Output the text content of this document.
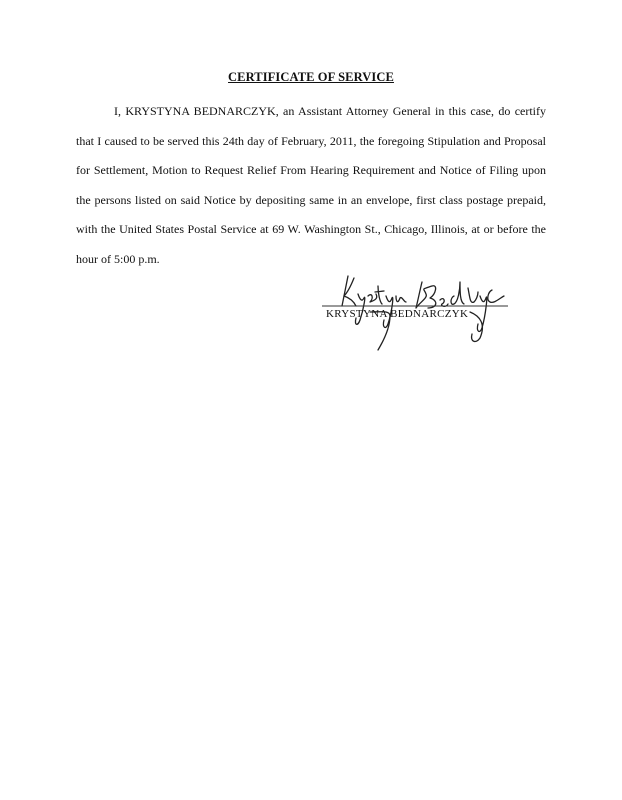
CERTIFICATE OF SERVICE
I, KRYSTYNA BEDNARCZYK, an Assistant Attorney General in this case, do certify
that I caused to be served this 24th day of February, 2011, the foregoing Stipulation and Proposal
for Settlement, Motion to Request Relief From Hearing Requirement and Notice of Filing upon
the persons listed on said Notice by depositing same in an envelope, first class postage prepaid,
with the United States Postal Service at 69 W. Washington St., Chicago, Illinois, at or before the
hour of 5:00 p.m.
KRYSTYNA BEDNARCZYK
